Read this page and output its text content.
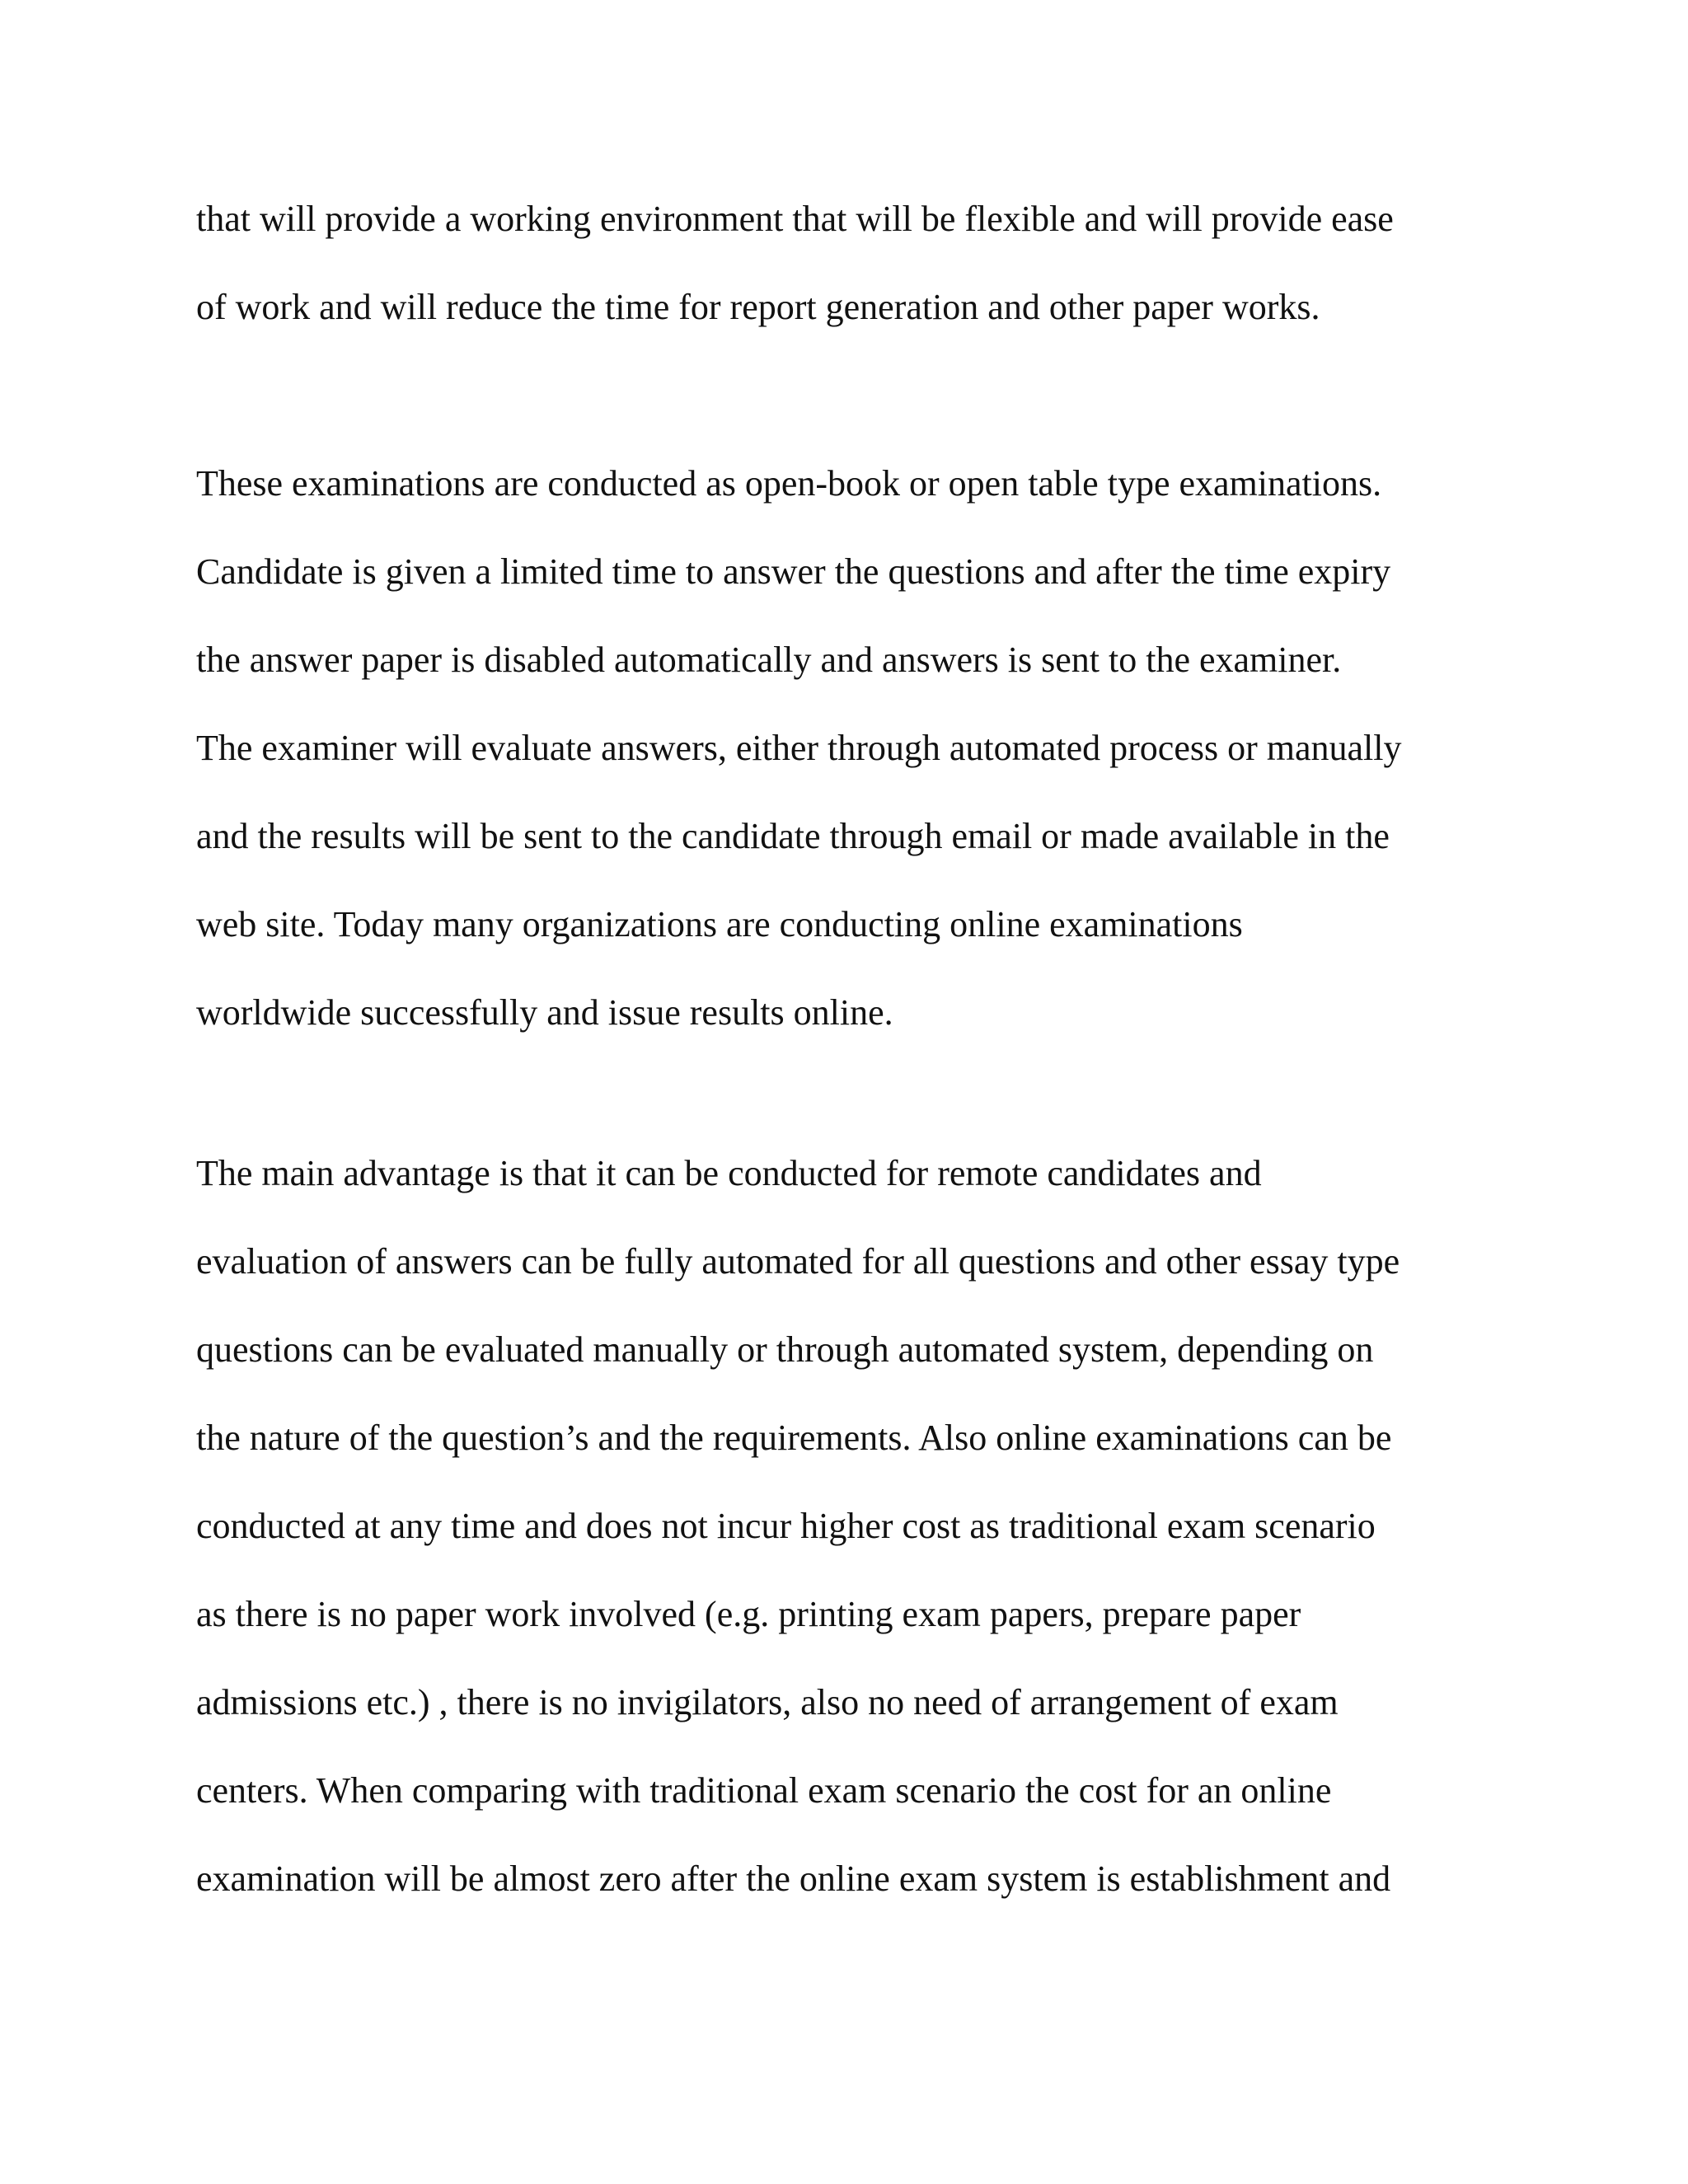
that will provide a working environment that will be flexible and will provide ease
of work and will reduce the time for report generation and other paper works.
These examinations are conducted as open-book or open table type examinations.
Candidate is given a limited time to answer the questions and after the time expiry
the answer paper is disabled automatically and answers is sent to the examiner.
The examiner will evaluate answers, either through automated process or manually
and the results will be sent to the candidate through email or made available in the
web site. Today many organizations are conducting online examinations
worldwide successfully and issue results online.
The main advantage is that it can be conducted for remote candidates and
evaluation of answers can be fully automated for all questions and other essay type
questions can be evaluated manually or through automated system, depending on
the nature of the question’s and the requirements. Also online examinations can be
conducted at any time and does not incur higher cost as traditional exam scenario
as there is no paper work involved (e.g. printing exam papers, prepare paper
admissions etc.) , there is no invigilators, also no need of arrangement of exam
centers. When comparing with traditional exam scenario the cost for an online
examination will be almost zero after the online exam system is establishment and
